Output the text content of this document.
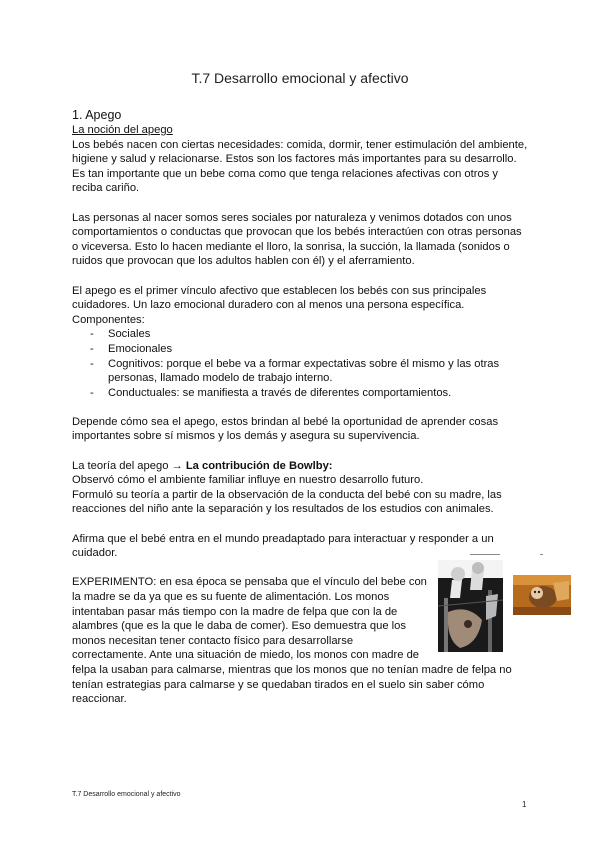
T.7 Desarrollo emocional y afectivo

1. Apego

La noción del apego

Los bebés nacen con ciertas necesidades: comida, dormir, tener estimulación del ambiente, higiene y salud y relacionarse. Estos son los factores más importantes para su desarrollo. Es tan importante que un bebe coma como que tenga relaciones afectivas con otros y reciba cariño.

Las personas al nacer somos seres sociales por naturaleza y venimos dotados con unos comportamientos o conductas que provocan que los bebés interactúen con otras personas o viceversa. Esto lo hacen mediante el lloro, la sonrisa, la succión, la llamada (sonidos o ruidos que provocan que los adultos hablen con él) y el aferramiento.

El apego es el primer vínculo afectivo que establecen los bebés con sus principales cuidadores. Un lazo emocional duradero con al menos una persona específica.

Componentes:

- Sociales
- Emocionales
- Cognitivos: porque el bebe va a formar expectativas sobre él mismo y las otras personas, llamado modelo de trabajo interno.
- Conductuales: se manifiesta a través de diferentes comportamientos.

Depende cómo sea el apego, estos brindan al bebé la oportunidad de aprender cosas importantes sobre sí mismos y los demás y asegura su supervivencia.

La teoría del apego → La contribución de Bowlby:

Observó cómo el ambiente familiar influye en nuestro desarrollo futuro.

Formuló su teoría a partir de la observación de la conducta del bebé con su madre, las reacciones del niño ante la separación y los resultados de los estudios con animales.

Afirma que el bebé entra en el mundo preadaptado para interactuar y responder a un cuidador.

EXPERIMENTO: en esa época se pensaba que el vínculo del bebe con la madre se da ya que es su fuente de alimentación. Los monos intentaban pasar más tiempo con la madre de felpa que con la de alambres (que es la que le daba de comer). Eso demuestra que los monos necesitan tener contacto físico para desarrollarse correctamente. Ante una situación de miedo, los monos con madre de

felpa la usaban para calmarse, mientras que los monos que no tenían madre de felpa no tenían estrategias para calmarse y se quedaban tirados en el suelo sin saber cómo reaccionar.

T.7 Desarrollo emocional y afectivo
1
